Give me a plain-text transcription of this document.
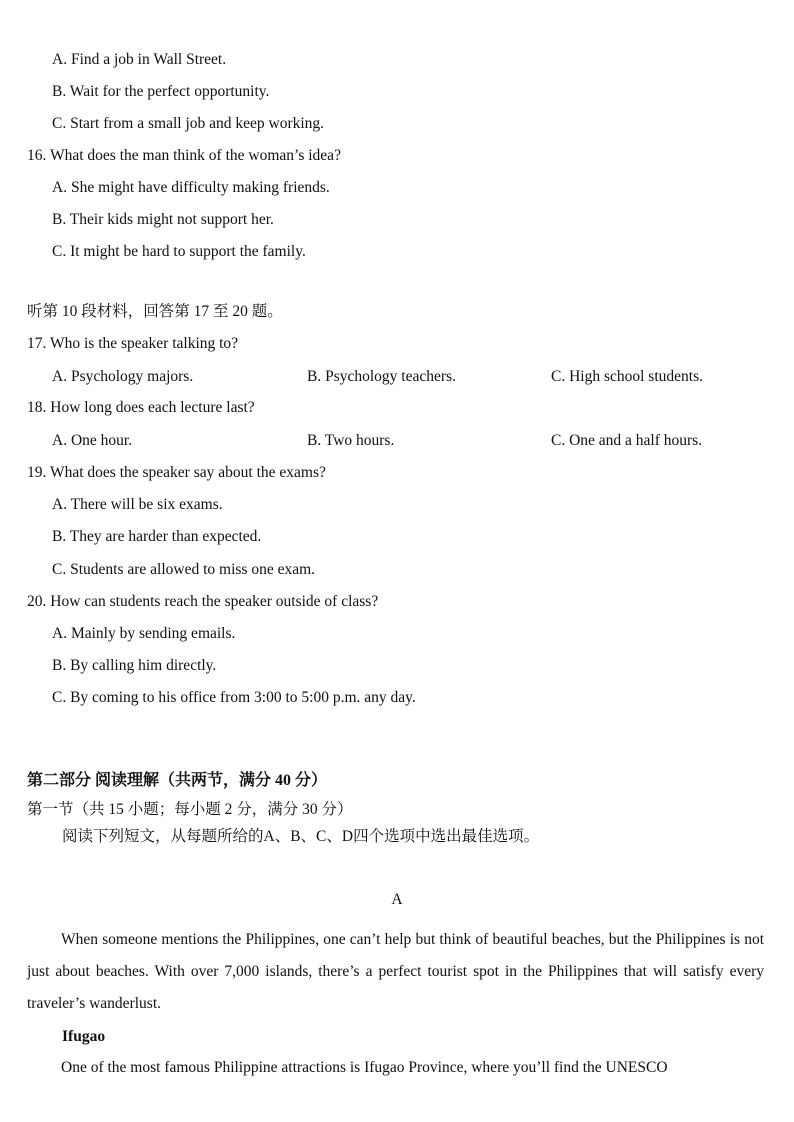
A. Find a job in Wall Street.
B. Wait for the perfect opportunity.
C. Start from a small job and keep working.
16. What does the man think of the woman’s idea?
A. She might have difficulty making friends.
B. Their kids might not support her.
C. It might be hard to support the family.
听第 10 段材料，回答第 17 至 20 题。
17. Who is the speaker talking to?
A. Psychology majors.	B. Psychology teachers.	C. High school students.
18. How long does each lecture last?
A. One hour.	B. Two hours.	C. One and a half hours.
19. What does the speaker say about the exams?
A. There will be six exams.
B. They are harder than expected.
C. Students are allowed to miss one exam.
20. How can students reach the speaker outside of class?
A. Mainly by sending emails.
B. By calling him directly.
C. By coming to his office from 3:00 to 5:00 p.m. any day.
第二部分 阅读理解（共两节，满分 40 分）
第一节（共 15 小题；每小题 2 分，满分 30 分）
阅读下列短文，从每题所给的A、B、C、D四个选项中选出最佳选项。
A
When someone mentions the Philippines, one can’t help but think of beautiful beaches, but the Philippines is not just about beaches. With over 7,000 islands, there’s a perfect tourist spot in the Philippines that will satisfy every traveler’s wanderlust.
Ifugao
One of the most famous Philippine attractions is Ifugao Province, where you’ll find the UNESCO
